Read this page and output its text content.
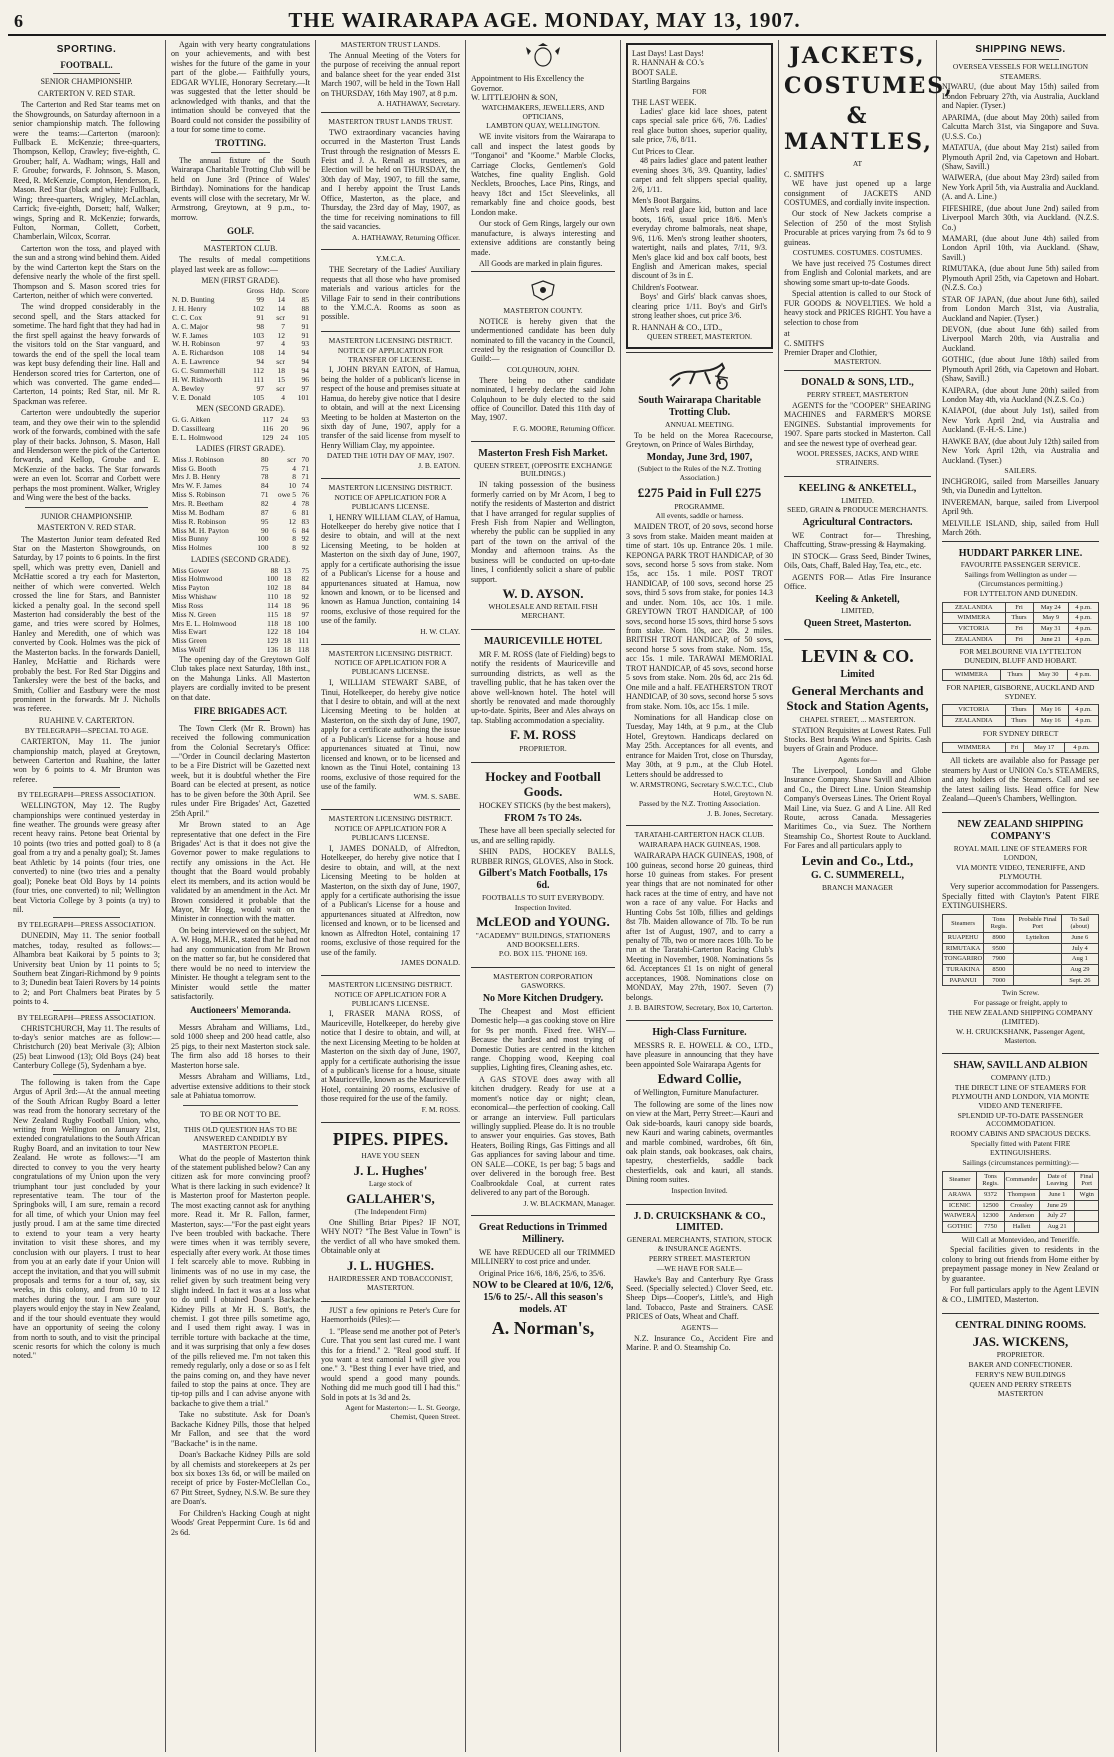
6	THE WAIRARAPA AGE. MONDAY, MAY 13, 1907.
SPORTING.
FOOTBALL.
SENIOR CHAMPIONSHIP.
CARTERTON V. RED STAR.

The Carterton and Red Star teams met on the Showgrounds, on Saturday afternoon in a senior championship match. The following were the teams:—Carterton (maroon): Fullback E. McKenzie; three-quarters, Thompson, Kellop, Crawley; five-eighth, C. Grouber; half, A. Wadham; wings, Hall and F. Groube; forwards, F. Johnson, S. Mason, Reed, R. McKenzie, Compton, Henderson, E. Mason. Red Star (black and white): Fullback, Wing; three-quarters, Wrigley, McLachlan, Carrick; five-eighth, Dorsett; half, Walker; wings, Spring and R. McKenzie; forwards, Fulton, Norman, Collett, Corbett, Chamberlain, Wilcox, Scorrar.

Carterton won the toss, and played with the sun and a strong wind behind them. Aided by the wind Carterton kept the Stars on the defensive nearly the whole of the first spell. Thompson and S. Mason scored tries for Carterton, neither of which were converted.

The wind dropped considerably in the second spell, and the Stars attacked for sometime. The hard fight that they had had in the first spell against the heavy forwards of the visitors told on the Star vanguard, and towards the end of the spell the local team was kept busy defending their line. Hall and Henderson scored tries for Carterton, one of which was converted. The game ended—Carterton, 14 points; Red Star, nil. Mr R. Spackman was referee.

Carterton were undoubtedly the superior team, and they owe their win to the splendid work of the forwards, combined with the safe play of their backs. Johnson, S. Mason, Hall and Henderson were the pick of the Carterton forwards, and Kellop, Groube and E. McKenzie of the backs. The Star forwards were an even lot. Scorrar and Corbett were perhaps the most prominent. Walker, Wrigley and Wing were the best of the backs.

JUNIOR CHAMPIONSHIP.
MASTERTON V. RED STAR.

The Masterton Junior team defeated Red Star on the Masterton Showgrounds, on Saturday, by 17 points to 6 points. In the first spell, which was pretty even, Daniell and McHattie scored a try each for Masterton, neither of which were converted. Welch crossed the line for Stars, and Bannister kicked a penalty goal. In the second spell Masterton had considerably the best of the game, and tries were scored by Holmes, Hanley and Meredith, one of which was converted by Cook. Holmes was the pick of the Masterton backs. In the forwards Daniell, Hanley, McHattie and Richards were probably the best. For Red Star Diggins and Tankersley were the best of the backs, and Smith, Collier and Eastbury were the most prominent in the forwards. Mr J. Nicholls was referee.

RUAHINE V. CARTERTON.
BY TELEGRAPH—SPECIAL TO AGE.

CARTERTON, May 11. The junior championship match, played at Greytown, between Carterton and Ruahine, the latter won by 6 points to 4. Mr Brunton was referee.

BY TELEGRAPH—PRESS ASSOCIATION.

WELLINGTON, May 12. The Rugby championships were continued yesterday in fine weather. The grounds were greasy after recent heavy rains. Petone beat Oriental by 10 points (two tries and potted goal) to 8 (a goal from a try and a penalty goal); St. James beat Athletic by 14 points (four tries, one converted) to nine (two tries and a penalty goal); Poneke beat Old Boys by 14 points (four tries, one converted) to nil; Wellington beat Victoria College by 3 points (a try) to nil.

BY TELEGRAPH—PRESS ASSOCIATION.

DUNEDIN, May 11. The senior football matches, today, resulted as follows:—Alhambra beat Kaikorai by 5 points to 3; University beat Union by 11 points to 5; Southern beat Zingari-Richmond by 9 points to 3; Dunedin beat Taieri Rovers by 14 points to 2; and Port Chalmers beat Pirates by 5 points to 4.

BY TELEGRAPH—PRESS ASSOCIATION.

CHRISTCHURCH, May 11. The results of to-day's senior matches are as follow:—Christchurch (20) beat Merivale (3); Albion (25) beat Linwood (13); Old Boys (24) beat Canterbury College (5), Sydenham a bye.

The following is taken from the Cape Argus of April 3rd:—At the annual meeting of the South African Rugby Board a letter was read from the honorary secretary of the New Zealand Rugby Football Union, who, writing from Wellington on January 21st, extended congratulations to the South African Rugby Board, and an invitation to tour New Zealand. He wrote as follows:—"I am directed to convey to you the very hearty congratulations of my Union upon the very triumphant tour just concluded by your representative team. The tour of the Springboks will, I am sure, remain a record for all time, of which your Union may feel justly proud. I am at the same time directed to extend to your team a very hearty invitation to visit these shores, and my conclusion with our players. I trust to hear from you at an early date if your Union will accept the invitation, and that you will submit proposals and terms for a tour of, say, six weeks, in this colony, and from 10 to 12 matches during the tour. I am sure your players would enjoy the stay in New Zealand, and if the tour should eventuate they would have an opportunity of seeing the colony from north to south, and to visit the principal scenic resorts for which the colony is much noted."

Again with very hearty congratulations on your achievements, and with best wishes for the future of the game in your part of the globe.— Faithfully yours, EDGAR WYLIE, Honorary Secretary.—It was suggested that the letter should be acknowledged with thanks, and that the intimation should be conveyed that the Board could not consider the possibility of a tour for some time to come.

TROTTING.

The annual fixture of the South Wairarapa Charitable Trotting Club will be held on June 3rd (Prince of Wales' Birthday). Nominations for the handicap events will close with the secretary, Mr W. Armstrong, Greytown, at 9 p.m., to-morrow.

GOLF.
MASTERTON CLUB.

The results of medal competitions played last week are as follow:—

MEN (FIRST GRADE).
	Gross	Hdp.	Score
N. D. Bunting	99	14	85
J. H. Henry	102	14	88
C. C. Cox	91	scr	91
A. C. Major	98	7	91
W. F. James	103	12	91
W. H. Robinson	97	4	93
A. E. Richardson	108	14	94
A. E. Lawrence	94	scr	94
G. C. Summerhill	112	18	94
H. W. Rishworth	111	15	96
A. Bewley	97	scr	97
V. E. Donald	105	4	101
MEN (SECOND GRADE).
G. G. Aitken	117	24	93
D. Cassillearg	116	20	96
E. L. Holmwood	129	24	105
LADIES (FIRST GRADE).
Miss J. Robinson	80	scr	70
Miss G. Booth	75	4	71
Mrs J. B. Henry	78	8	71
Mrs W. F. James	84	10	74
Miss S. Robinson	71	owe 5	76
Mrs. R. Beetham	82	4	78
Miss M. Bodham	87	6	81
Miss R. Robinson	95	12	83
Miss M. H. Payton	90	6	84
Miss Bunny	100	8	92
Miss Holmes	100	8	92
LADIES (SECOND GRADE).
Miss Gower	88	13	75
Miss Holmwood	100	18	82
Miss Payton	102	18	84
Miss Whishaw	110	18	92
Miss Ross	114	18	96
Miss N. Green	115	18	97
Mrs E. L. Holmwood	118	18	100
Miss Ewart	122	18	104
Miss Green	129	18	111
Miss Wolff	136	18	118

The opening day of the Greytown Golf Club takes place next Saturday, 18th inst., on the Mahunga Links. All Masterton players are cordially invited to be present on that date.

FIRE BRIGADES ACT.

The Town Clerk (Mr R. Brown) has received the following communication from the Colonial Secretary's Office:—"Order in Council declaring Masterton to be a Fire District will be Gazetted next week, but it is doubtful whether the Fire Board can be elected at present, as notice has to be given before the 30th April. See rules under Fire Brigades' Act, Gazetted 25th April."

Mr Brown stated to an Age representative that one defect in the Fire Brigades' Act is that it does not give the Governor power to make regulations to rectify any omissions in the Act. He thought that the Board would probably elect its members, and its action would be validated by an amendment in the Act. Mr Brown considered it probable that the Mayor, Mr Hogg, would wait on the Minister in connection with the matter.

On being interviewed on the subject, Mr A. W. Hogg, M.H.R., stated that he had not had any communication from Mr Brown on the matter so far, but he considered that there would be no need to interview the Minister. He thought a telegram sent to the Minister would settle the matter satisfactorily.

Auctioneers' Memoranda.

Messrs Abraham and Williams, Ltd., sold 1000 sheep and 200 head cattle, also 25 pigs, to their next Masterton stock sale. The firm also add 18 horses to their Masterton horse sale.

Messrs Abraham and Williams, Ltd., advertise extensive additions to their stock sale at Pahiatua tomorrow.

TO BE OR NOT TO BE.
THIS OLD QUESTION HAS TO BE ANSWERED CANDIDLY BY MASTERTON PEOPLE.

What do the people of Masterton think of the statement published below? Can any citizen ask for more convincing proof? What is there lacking in such evidence? It is Masterton proof for Masterton people. The most exacting cannot ask for anything more. Read it. Mr R. Fallon, farmer, Masterton, says:—"For the past eight years I've been troubled with backache. There were times when it was terribly severe, especially after every work. At those times I felt scarcely able to move. Rubbing in liniments was of no use in my case, the relief given by such treatment being very slight indeed. In fact it was at a loss what to do until I obtained Doan's Backache Kidney Pills at Mr H. S. Bott's, the chemist. I got three pills sometime ago, and I used them right away. I was in terrible torture with backache at the time, and it was surprising that only a few doses of the pills relieved me. I'm not taken this remedy regularly, only a dose or so as I felt the pains coming on, and they have never failed to stop the pains at once. They are tip-top pills and I can advise anyone with backache to give them a trial."

Take no substitute. Ask for Doan's Backache Kidney Pills, those that helped Mr Fallon, and see that the word "Backache" is in the name.

Doan's Backache Kidney Pills are sold by all chemists and storekeepers at 2s per box six boxes 13s 6d, or will be mailed on receipt of price by Foster-McClellan Co., 67 Pitt Street, Sydney, N.S.W. Be sure they are Doan's.

For Children's Hacking Cough at night Woods' Great Peppermint Cure. 1s 6d and 2s 6d.

MASTERTON TRUST LANDS.

The Annual Meeting of the Voters for the purpose of receiving the annual report and balance sheet for the year ended 31st March 1907, will be held in the Town Hall on THURSDAY, 16th May 1907, at 8 p.m.

A. HATHAWAY, Secretary.
MASTERTON TRUST LANDS TRUST.

TWO extraordinary vacancies having occurred in the Masterton Trust Lands Trust through the resignation of Messrs E. Feist and J. A. Renall as trustees, an Election will be held on THURSDAY, the 30th day of May, 1907, to fill the same, and I hereby appoint the Trust Lands Office, Masterton, as the place, and Thursday, the 23rd day of May, 1907, as the time for receiving nominations to fill the said vacancies.

A. HATHAWAY, Returning Officer.
Y.M.C.A.

THE Secretary of the Ladies' Auxiliary requests that all those who have promised materials and various articles for the Village Fair to send in their contributions to the Y.M.C.A. Rooms as soon as possible.

MASTERTON LICENSING DISTRICT.
NOTICE OF APPLICATION FOR TRANSFER OF LICENSE.

I, JOHN BRYAN EATON, of Hamua, being the holder of a publican's license in respect of the house and premises situate at Hamua, do hereby give notice that I desire to obtain, and will at the next Licensing Meeting to be holden at Masterton on the sixth day of June, 1907, apply for a transfer of the said license from myself to Henry William Clay, my appointee.

DATED THE 10TH DAY OF MAY, 1907.
J. B. EATON.
MASTERTON LICENSING DISTRICT.
NOTICE OF APPLICATION FOR A PUBLICAN'S LICENSE.

I, HENRY WILLIAM CLAY, of Hamua, Hotelkeeper do hereby give notice that I desire to obtain, and will at the next Licensing Meeting, to be holden at Masterton on the sixth day of June, 1907, apply for a certificate authorising the issue of a Publican's License for a house and appurtenances situated at Hamua, now known and known, or to be licensed and known as Hamua Junction, containing 14 rooms, exclusive of those required for the use of the family.

H. W. CLAY.
MASTERTON LICENSING DISTRICT.
NOTICE OF APPLICATION FOR A PUBLICAN'S LICENSE.

I, WILLIAM STEWART SABE, of Tinui, Hotelkeeper, do hereby give notice that I desire to obtain, and will at the next Licensing Meeting to be holden at Masterton, on the sixth day of June, 1907, apply for a certificate authorising the issue of a Publican's License for a house and appurtenances situated at Tinui, now licensed and known, or to be licensed and known as the Tinui Hotel, containing 13 rooms, exclusive of those required for the use of the family.

WM. S. SABE.
MASTERTON LICENSING DISTRICT.
NOTICE OF APPLICATION FOR A PUBLICAN'S LICENSE.

I, JAMES DONALD, of Alfredton, Hotelkeeper, do hereby give notice that I desire to obtain, and will, at the next Licensing Meeting to be holden at Masterton, on the sixth day of June, 1907, apply for a certificate authorising the issue of a Publican's License for a house and appurtenances situated at Alfredton, now licensed and known, or to be licensed and known as Alfredton Hotel, containing 17 rooms, exclusive of those required for the use of the family.

JAMES DONALD.
MASTERTON LICENSING DISTRICT.
NOTICE OF APPLICATION FOR A PUBLICAN'S LICENSE.

I, FRASER MANA ROSS, of Mauriceville, Hotelkeeper, do hereby give notice that I desire to obtain, and will, at the next Licensing Meeting to be holden at Masterton on the sixth day of June, 1907, apply for a certificate authorising the issue of a publican's license for a house, situate at Mauriceville, known as the Mauriceville Hotel, containing 20 rooms, exclusive of those required for the use of the family.

F. M. ROSS.
PIPES. PIPES.
HAVE YOU SEEN
J. L. Hughes'
Large stock of
GALLAHER'S,
(The Independent Firm)

One Shilling Briar Pipes? IF NOT, WHY NOT? "The Best Value in Town" is the verdict of all who have smoked them. Obtainable only at

J. L. HUGHES.
HAIRDRESSER AND TOBACCONIST, MASTERTON.

JUST a few opinions re Peter's Cure for Haemorrhoids (Piles):—

1. "Please send me another pot of Peter's Cure. That you sent last cured me. I want this for a friend." 2. "Real good stuff. If you want a test camonial I will give you one." 3. "Best thing I ever have tried, and would spend a good many pounds. Nothing did me much good till I had this." Sold in pots at 1s 3d and 2s.

Agent for Masterton:— L. St. George, Chemist, Queen Street.
Appointment to His Excellency the Governor.
W. LITTLEJOHN & SON,
WATCHMAKERS, JEWELLERS, AND OPTICIANS,
LAMBTON QUAY, WELLINGTON.

WE invite visitors from the Wairarapa to call and inspect the latest goods by "Tonganoi" and "Koome." Marble Clocks, Carriage Clocks, Gentlemen's Gold Watches, fine quality English. Gold Necklets, Brooches, Lace Pins, Rings, and heavy 18ct and 15ct Sleevelinks, all remarkably fine and choice goods, best London make.

Our stock of Gem Rings, largely our own manufacture, is always interesting and extensive additions are constantly being made.

All Goods are marked in plain figures.

MASTERTON COUNTY.

NOTICE is hereby given that the undermentioned candidate has been duly nominated to fill the vacancy in the Council, created by the resignation of Councillor D. Guild:—

COLQUHOUN, JOHN.

There being no other candidate nominated, I hereby declare the said John Colquhoun to be duly elected to the said office of Councillor. Dated this 11th day of May, 1907.

F. G. MOORE, Returning Officer.
Masterton Fresh Fish Market.
QUEEN STREET, (OPPOSITE EXCHANGE BUILDINGS.)

IN taking possession of the business formerly carried on by Mr Acorn, I beg to notify the residents of Masterton and district that I have arranged for regular supplies of Fresh Fish from Napier and Wellington, whereby the public can be supplied in any part of the town on the arrival of the Monday and afternoon trains. As the business will be conducted on up-to-date lines, I confidently solicit a share of public support.

W. D. AYSON.
WHOLESALE AND RETAIL FISH MERCHANT.
MAURICEVILLE HOTEL

MR F. M. ROSS (late of Fielding) begs to notify the residents of Mauriceville and surrounding districts, as well as the travelling public, that he has taken over the above well-known hotel. The hotel will shortly be renovated and made thoroughly up-to-date. Spirits, Beer and Ales always on tap. Stabling accommodation a speciality.

F. M. ROSS
PROPRIETOR.
Hockey and Football Goods.

HOCKEY STICKS (by the best makers),

FROM 7s TO 24s.

These have all been specially selected for us, and are selling rapidly.

SHIN PADS, HOCKEY BALLS, RUBBER RINGS, GLOVES, Also in Stock.

Gilbert's Match Footballs, 17s 6d.
FOOTBALLS TO SUIT EVERYBODY.
Inspection Invited.
McLEOD and YOUNG.
"ACADEMY" BUILDINGS, STATIONERS AND BOOKSELLERS.
P.O. BOX 115. 'PHONE 169.
MASTERTON CORPORATION GASWORKS.
No More Kitchen Drudgery.

The Cheapest and Most efficient Domestic help—a gas cooking stove on Hire for 9s per month. Fixed free. WHY—Because the hardest and most trying of Domestic Duties are centred in the kitchen range. Chopping wood, Keeping coal supplies, Lighting fires, Cleaning ashes, etc.

A GAS STOVE does away with all kitchen drudgery. Ready for use at a moment's notice day or night; clean, economical—the perfection of cooking. Call or arrange an interview. Full particulars willingly supplied. Please do. It is no trouble to answer your enquiries. Gas stoves, Bath Heaters, Boiling Rings, Gas Fittings and all Gas appliances for saving labour and time. ON SALE—COKE, 1s per bag; 5 bags and over delivered in the borough free. Best Coalbrookdale Coal, at current rates delivered to any part of the Borough.

J. W. BLACKMAN, Manager.
Great Reductions in Trimmed Millinery.

WE have REDUCED all our TRIMMED MILLINERY to cost price and under.

Original Price 16/6, 18/6, 25/6, to 35/6.

NOW to be Cleared at 10/6, 12/6, 15/6 to 25/-. All this season's models. AT
A. Norman's,
Last Days! Last Days!
R. HANNAH & CO.'s
BOOT SALE.
Startling Bargains
FOR
THE LAST WEEK.

Ladies' glace kid lace shoes, patent caps special sale price 6/6, 7/6. Ladies' real glace button shoes, superior quality, sale price, 7/6, 8/11.

Cut Prices to Clear.

48 pairs ladies' glace and patent leather evening shoes 3/6, 3/9. Quantity, ladies' carpet and felt slippers special quality, 2/6, 1/11.

Men's Boot Bargains.

Men's real glace kid, button and lace boots, 16/6, usual price 18/6. Men's everyday chrome balmorals, neat shape, 9/6, 11/6. Men's strong leather shooters, watertight, nails and plates, 7/11, 9/3. Men's glace kid and box calf boots, best English and American makes, special discount of 3s in £.

Children's Footwear.

Boys' and Girls' black canvas shoes, clearing price 1/11. Boy's and Girl's strong leather shoes, cut price 3/6.

R. HANNAH & CO., LTD.,
QUEEN STREET, MASTERTON.
South Wairarapa Charitable Trotting Club.
ANNUAL MEETING.

To be held on the Morea Racecourse, Greytown, on Prince of Wales Birthday,

Monday, June 3rd, 1907,
(Subject to the Rules of the N.Z. Trotting Association.)
£275 Paid in Full £275
PROGRAMME.
All events, saddle or harness.

MAIDEN TROT, of 20 sovs, second horse 3 sovs from stake. Maiden meant maiden at time of start. 10s up. Entrance 20s. 1 mile. KEPONGA PARK TROT HANDICAP, of 30 sovs, second horse 5 sovs from stake. Nom 15s, acc 15s. 1 mile. POST TROT HANDICAP, of 100 sovs, second horse 25 sovs, third 5 sovs from stake, for ponies 14.3 and under. Nom. 10s, acc 10s. 1 mile. GREYTOWN TROT HANDICAP, of 100 sovs, second horse 15 sovs, third horse 5 sovs from stake. Nom. 10s, acc 20s. 2 miles. BRITISH TROT HANDICAP, of 50 sovs, second horse 5 sovs from stake. Nom. 15s, acc 15s. 1 mile. TARAWAI MEMORIAL TROT HANDICAP, of 45 sovs, second horse 5 sovs from stake. Nom. 20s 6d, acc 21s 6d. One mile and a half. FEATHERSTON TROT HANDICAP, of 30 sovs, second horse 5 sovs from stake. Nom. 10s, acc 15s. 1 mile.

Nominations for all Handicap close on Tuesday, May 14th, at 9 p.m., at the Club Hotel, Greytown. Handicaps declared on May 25th. Acceptances for all events, and entrance for Maiden Trot, close on Thursday, May 30th, at 9 p.m., at the Club Hotel. Letters should be addressed to

W. ARMSTRONG, Secretary S.W.C.T.C., Club Hotel, Greytown N.
Passed by the N.Z. Trotting Association.
J. B. Jones, Secretary.
TARATAHI-CARTERTON HACK CLUB.
WAIRARAPA HACK GUINEAS, 1908.

WAIRARAPA HACK GUINEAS, 1908, of 100 guineas, second horse 20 guineas, third horse 10 guineas from stakes. For present year things that are not nominated for other hack races at the time of entry, and have not won a race of any value. For Hacks and Hunting Cobs 5st 10lb, fillies and geldings 8st 7lb. Maiden allowance of 7lb. To be run after 1st of August, 1907, and to carry a penalty of 7lb, two or more races 10lb. To be run at the Taratahi-Carterton Racing Club's Meeting in November, 1908. Nominations 5s 6d. Acceptances £1 1s on night of general acceptances, 1908. Nominations close on MONDAY, May 27th, 1907. Seven (7) belongs.

J. B. BAIRSTOW, Secretary, Box 10, Carterton.
High-Class Furniture.

MESSRS R. E. HOWELL & CO., LTD., have pleasure in announcing that they have been appointed Sole Wairarapa Agents for

Edward Collie,

of Wellington, Furniture Manufacturer.

The following are some of the lines now on view at the Mart, Perry Street:—Kauri and Oak side-boards, kauri canopy side boards, new Kauri and waring cabinets, overmantles and marble combined, wardrobes, 6ft 6in, oak plain stands, oak bookcases, oak chairs, tapestry, chesterfields, saddle back chesterfields, oak and kauri, all stands. Dining room suites.

Inspection Invited.
J. D. CRUICKSHANK & CO., LIMITED.
GENERAL MERCHANTS, STATION, STOCK & INSURANCE AGENTS.
PERRY STREET. MASTERTON
—WE HAVE FOR SALE—

Hawke's Bay and Canterbury Rye Grass Seed. (Specially selected.) Clover Seed, etc. Sheep Dips—Cooper's, Little's, and High land. Tobacco, Paste and Strainers. CASE PRICES of Oats, Wheat and Chaff.

AGENTS—

N.Z. Insurance Co., Accident Fire and Marine. P. and O. Steamship Co.

JACKETS,
COSTUMES,
& MANTLES,
AT
C. SMITH'S

WE have just opened up a large consignment of JACKETS AND COSTUMES, and cordially invite inspection.

Our stock of New Jackets comprise a Selection of 250 of the most Stylish Procurable at prices varying from 7s 6d to 9 guineas.

COSTUMES. COSTUMES. COSTUMES.

We have just received 75 Costumes direct from English and Colonial markets, and are showing some smart up-to-date Goods.

Special attention is called to our Stock of FUR GOODS & NOVELTIES. We hold a heavy stock and PRICES RIGHT. You have a selection to chose from

at
C. SMITH'S
Premier Draper and Clothier,
MASTERTON.
DONALD & SONS, LTD.,
PERRY STREET, MASTERTON

AGENTS for the "COOPER" SHEARING MACHINES and FARMER'S MORSE ENGINES. Substantial improvements for 1907. Spare parts stocked in Masterton. Call and see the newest type of overhead gear.

WOOL PRESSES, JACKS, AND WIRE STRAINERS.
KEELING & ANKETELL,
LIMITED.
SEED, GRAIN & PRODUCE MERCHANTS.
Agricultural Contractors.

WE Contract for— Threshing, Chaffcutting, Straw-pressing & Haymaking.

IN STOCK— Grass Seed, Binder Twines, Oils, Oats, Chaff, Baled Hay, Tea, etc., etc.

AGENTS FOR— Atlas Fire Insurance Office.

Keeling & Anketell,
LIMITED,
Queen Street, Masterton.
LEVIN & CO.
Limited
General Merchants and Stock and Station Agents,
CHAPEL STREET, ... MASTERTON.

STATION Requisites at Lowest Rates. Full Stocks. Best brands Wines and Spirits. Cash buyers of Grain and Produce.

Agents for—

The Liverpool, London and Globe Insurance Company. Shaw Savill and Albion and Co., the Direct Line. Union Steamship Company's Overseas Lines. The Orient Royal Mail Line, via Suez. G and A Line. All Red Route, across Canada. Messageries Maritimes Co., via Suez. The Northern Steamship Co., Shortest Route to Auckland. For Fares and all particulars apply to

Levin and Co., Ltd.,
G. C. SUMMERELL,
BRANCH MANAGER
SHIPPING NEWS.
OVERSEA VESSELS FOR WELLINGTON
STEAMERS.

NIWARU, (due about May 15th) sailed from London February 27th, via Australia, Auckland and Napier. (Tyser.)

APARIMA, (due about May 20th) sailed from Calcutta March 31st, via Singapore and Suva. (U.S.S. Co.)

MATATUA, (due about May 21st) sailed from Plymouth April 2nd, via Capetown and Hobart. (Shaw, Savill.)

WAIWERA, (due about May 23rd) sailed from New York April 5th, via Australia and Auckland. (A. and A. Line.)

FIFESHIRE, (due about June 2nd) sailed from Liverpool March 30th, via Auckland. (N.Z.S. Co.)

MAMARI, (due about June 4th) sailed from London April 10th, via Auckland. (Shaw, Savill.)

RIMUTAKA, (due about June 5th) sailed from Plymouth April 25th, via Capetown and Hobart. (N.Z.S. Co.)

STAR OF JAPAN, (due about June 6th), sailed from London March 31st, via Australia, Auckland and Napier. (Tyser.)

DEVON, (due about June 6th) sailed from Liverpool March 20th, via Australia and Auckland.

GOTHIC, (due about June 18th) sailed from Plymouth April 26th, via Capetown and Hobart. (Shaw, Savill.)

KAIPARA, (due about June 20th) sailed from London May 4th, via Auckland (N.Z.S. Co.)

KAIAPOI, (due about July 1st), sailed from New York April 2nd, via Australia and Auckland. (F.-H.-S. Line.)

HAWKE BAY, (due about July 12th) sailed from New York April 12th, via Australia and Auckland. (Tyser.)

SAILERS.

INCHGROIG, sailed from Marseilles January 9th, via Dunedin and Lyttelton.

INVEREMAN, barque, sailed from Liverpool April 9th.

MELVILLE ISLAND, ship, sailed from Hull March 26th.

HUDDART PARKER LINE.
FAVOURITE PASSENGER SERVICE.
Sailings from Wellington as under — (Circumstances permitting.)
FOR LYTTELTON AND DUNEDIN.
ZEALANDIA	Fri	May 24	4 p.m.
WIMMERA	Thurs	May 9	4 p.m.
VICTORIA	Fri	May 31	4 p.m.
ZEALANDIA	Fri	June 21	4 p.m.
FOR MELBOURNE VIA LYTTELTON DUNEDIN, BLUFF AND HOBART.
WIMMERA	Thurs	May 30	4 p.m.
FOR NAPIER, GISBORNE, AUCKLAND AND SYDNEY.
VICTORIA	Thurs	May 16	4 p.m.
ZEALANDIA	Thurs	May 16	4 p.m.
FOR SYDNEY DIRECT
WIMMERA	Fri	May 17	4 p.m.

All tickets are available also for Passage per steamers by Aust or UNION Co.'s STEAMERS, and any holders of the Steamers. Call and see the latest sailing lists. Head office for New Zealand—Queen's Chambers, Wellington.

NEW ZEALAND SHIPPING COMPANY'S
ROYAL MAIL LINE OF STEAMERS FOR LONDON,
VIA MONTE VIDEO, TENERIFFE, AND PLYMOUTH.

Very superior accommodation for Passengers. Specially fitted with Clayton's Patent FIRE EXTINGUISHERS.

Steamers	Tons Regis.	Probable Final Port	To Sail (about)
RUAPEHU	8900	Lyttelton	June 6
RIMUTAKA	9500		July 4
TONGARIRO	7900		Aug 1
TURAKINA	8500		Aug 29
PAPANUI	7000		Sept. 26
Twin Screw.
For passage or freight, apply to
THE NEW ZEALAND SHIPPING COMPANY (LIMITED).
W. H. CRUICKSHANK, Passenger Agent, Masterton.
SHAW, SAVILL AND ALBION
COMPANY (LTD.)
THE DIRECT LINE OF STEAMERS FOR PLYMOUTH AND LONDON, VIA MONTE VIDEO AND TENERIFFE.
SPLENDID UP-TO-DATE PASSENGER ACCOMMODATION.
ROOMY CABINS AND SPACIOUS DECKS.
Specially fitted with Patent FIRE EXTINGUISHERS.
Sailings (circumstances permitting):—
Steamer	Tons Regis.	Commander	Date of Leaving	Final Port
ARAWA	9372	Thompson	June 1	Wgtn
ICENIC	12500	Crossley	June 29	
WAIWERA	12300	Anderson	July 27	
GOTHIC	7750	Hallett	Aug 21	
Will Call at Montevideo, and Teneriffe.

Special facilities given to residents in the colony to bring out friends from Home either by prepayment passage money in New Zealand or by guarantee.

For full particulars apply to the Agent LEVIN & CO., LIMITED, Masterton.

CENTRAL DINING ROOMS.
JAS. WICKENS,
PROPRIETOR.
BAKER AND CONFECTIONER.
FERRY'S NEW BUILDINGS
QUEEN AND PERRY STREETS
MASTERTON
